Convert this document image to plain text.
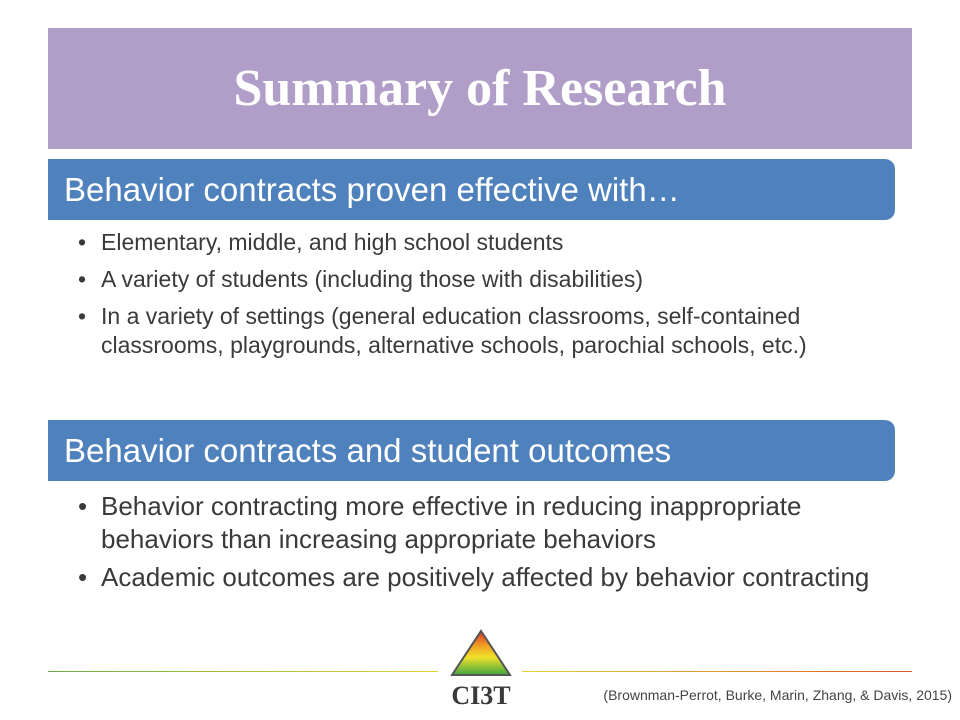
Summary of Research
Behavior contracts proven effective with…
• Elementary, middle, and high school students
• A variety of students (including those with disabilities)
• In a variety of settings (general education classrooms, self-contained classrooms, playgrounds, alternative schools, parochial schools, etc.)
Behavior contracts and student outcomes
• Behavior contracting more effective in reducing inappropriate behaviors than increasing appropriate behaviors
• Academic outcomes are positively affected by behavior contracting
CI3T	(Brownman-Perrot, Burke, Marin, Zhang, & Davis, 2015)
